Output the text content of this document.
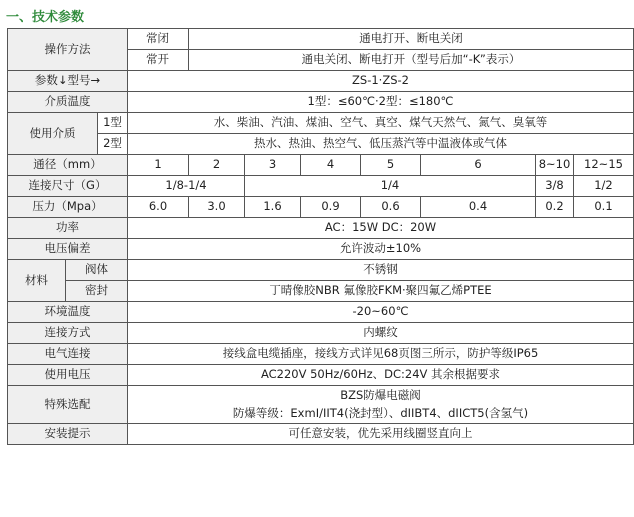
一、技术参数
操作方法			常闭	通电打开、断电关闭						
			常开	通电关闭、断电打开（型号后加“-K”表示）						
参数↓型号→			ZS-1·ZS-2							
介质温度			1型：≤60℃·2型：≤180℃							
使用介质		1型	水、柴油、汽油、煤油、空气、真空、煤气天然气、氮气、臭氧等							
		2型	热水、热油、热空气、低压蒸汽等中温液体或气体							
通径（mm）			1	2	3	4	5	6	8~10	12~15
连接尺寸（G）			1/8-1/4		1/4				3/8	1/2
压力（Mpa）			6.0	3.0	1.6	0.9	0.6	0.4	0.2	0.1
功率			AC：15W DC：20W							
电压偏差			允许波动±10%							
材料	阀体		不锈钢							
	密封		丁晴像胶NBR 氟像胶FKM·聚四氟乙烯PTEE							
环境温度			-20~60℃							
连接方式			内螺纹							
电气连接			接线盒电缆插座，接线方式详见68页图三所示，防护等级IP65							
使用电压			AC220V 50Hz/60Hz、DC:24V 其余根据要求							
特殊选配			BZS防爆电磁阀
防爆等级：ExmI/IIT4(浇封型）、dIIBT4、dIICT5(含氢气)							

安装提示			可任意安装，优先采用线圈竖直向上							
